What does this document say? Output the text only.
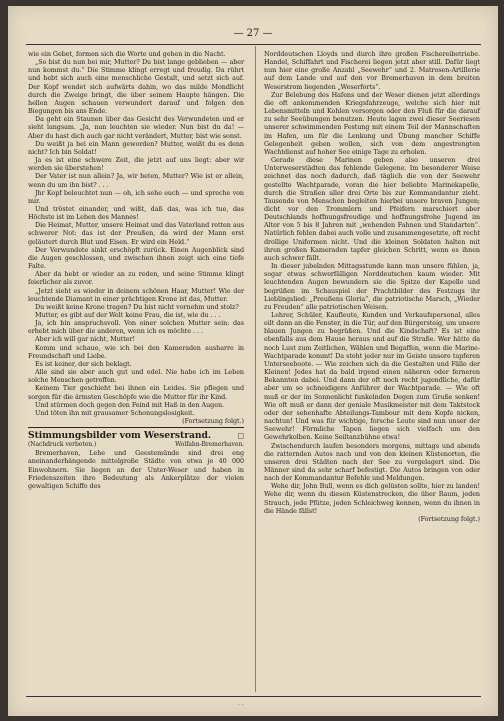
— 27 —

wie ein Gebet, formen sich die Worte und gehen in die Nacht.

„So bist du nun bei mir, Mutter? Du bist lange geblieben — aber nun kommst du.“ Die Stimme klingt erregt und freudig. Da rührt und hebt sich auch eine menschliche Gestalt, und setzt sich auf. Der Kopf wendet sich aufwärts dahin, wo das milde Mondlicht durch die Zweige bringt, die über seinem Haupte hängen. Die hellen Augen schauen verwundert darauf und folgen den Biegungen bis ans Ende.

Da geht ein Staunen über das Gesicht des Verwundeten und er sieht langsam. „Ja, nun leuchten sie wieder. Nun bist du da! — Aber du hast dich auch gar nicht verändert, Mutter, bist wie sonst.

Du weißt ja bei ein Mann geworden? Mutter, weißt du es denn nicht? Ich bin Soldat!

Ja es ist eine schwere Zeit, die jetzt auf uns liegt: aber wir werden sie überstehen!

Der Vater ist nun allein? Ja, wir beten, Mutter? Wie ist er allein, wenn du um ihn bist? . . .

Jhr Kopf beleuchtet nun — oh, ich sehe euch — und spreche von mir.

Und tröstet einander, und wißt, daß das, was ich tue, das Höchste ist im Leben des Mannes!

Die Heimat, Mutter, unsere Heimat und das Vaterland retten aus schwerer Not: das ist der Preußen, da wird der Mann erst geläutert durch Blut und Eisen. Er wird ein Held.“

Der Verwundete sinkt erschöpft zurück. Einen Augenblick sind die Augen geschlossen, und zwischen ihnen zeigt sich eine tiefe Falte.

Aber da hebt er wieder an zu reden, und seine Stimme klingt feierlicher als zuvor.

„Jetzt sieht es wieder in deinem schönen Haar, Mutter! Wie der leuchtende Diamant in einer prächtigen Krone ist das, Mutter.

Du weißt keine Krone tragen? Du bist nicht vornehm und stolz?

Mutter, es gibt auf der Welt keine Frau, die ist, wie du . . .

Ja, ich bin anspruchsvoll. Von einer solchen Mutter sein: das erhebt mich über die anderen, wenn ich es möchte . . .

Aber ich will gar nicht, Mutter!

Komm und schaue, wie ich bei den Kameraden ausharre in Freundschaft und Liebe.

Es ist keiner, der sich beklagt.

Alle sind sie aber auch gut und edel. Nie habe ich im Leben solche Menschen getroffen.

Keinem Tier geschieht bei ihnen ein Leides. Sie pflegen und sorgen für die ärmsten Geschöpfe wie die Mutter für ihr Kind.

Und stürmen doch gegen den Feind mit Haß in den Augen.

Und töten ihn mit grausamer Schonungslosigkeit.

(Fortsetzung folgt.)

Stimmungsbilder vom Weserstrand.	□
(Nachdruck verboten.)	Wolfahn-Bremerhaven.

Bremerhaven, Lehe und Geestemünde sind drei eng aneinanderhängende mittelgroße Städte von etwa je 40 000 Einwohnern. Sie liegen an der Unter-Weser und haben in Friedenszeiten ihre Bedeutung als Ankerplätze der vielen gewaltigen Schiffe des

Norddeutschen Lloyds und durch ihre großen Fischereibetriebe. Handel, Schiffahrt und Fischerei liegen jetzt aber still. Dafür liegt nun hier eine große Anzahl „Seewehr“ und 2. Matrosen-Artillerie auf dem Lande und auf den vor Bremerhaven in dem breiten Weserstrom liegenden „Weserforts“.

Zur Belebung des Hafens und der Weser dienen jetzt allerdings die oft ankommenden Kriegsfahrzeuge, welche sich hier mit Lebensmitteln und Kohlen versorgen oder den Fluß für die darauf zu sehr Seeübungen benutzen. Heute lagen zwei dieser Seeriesen unserer schwimmenden Festung mit einem Teil der Mannschaften im Hafen, um für die Lenkung und Übung mancher Schiffe Gelegenheit geben wollen, sich von dem angestrengten Wachtdienst auf hoher See einige Tage zu erholen.

Gerade diese Marinen geben also unseren drei Unterweserstädten das fehlende Gelegene. Im besonderer Weise zeichnet das noch dadurch, daß täglich die von der Seewehr gestellte Wachtparade, voran die hier beliebte Marinekapelle, durch die Straßen aller drei Orte bis zur Kommandantur zieht. Tausende von Menschen begleiten hierbei unsere braven Jungen; dicht vor den Trommlern und Pfeifern marschiert aber Deutschlands hoffnungsfreudige und hoffnungsfrohe Jugend im Alter von 5 bis 8 Jahren mit „wehenden Fahnen und Standarten“. Natürlich fehlen dabei auch volle und zusammengesetzte, oft recht drollige Uniformen nicht. Und die kleinen Soldaten halten mit ihren großen Kameraden tapfer gleichen Schritt, wenn es ihnen auch schwer fällt.

In dieser jubelnden Mittagsstunde kann man unsere fühlen, ja, sogar etwas schwerfälligen Norddeutschen kaum wieder. Mit leuchtenden Augen bewundern sie die Spitze der Kapelle und begrüßen im Schauspiel der Prachtbilder des Festzugs ihr Lieblingslied: „Preußens Gloria“, die patriotische Marsch, „Wieder zu Freuden“ alle patriotischen Weisen.

Lehrer, Schüler, Kaufleute, Kunden und Verkaufspersonal, alles eilt dann an die Fenster, in die Tür, auf den Bürgersteig, um unsere blauen Jungen zu begrüßen. Und die Kindschaft? Es ist eine ebenfalls aus dem Hause heraus und auf die Straße. Wer hätte da noch Lust zum Zeitlichen, Wählen und Begaffen, wenn die Marine-Wachtparade kommt! Da steht jeder nur im Geiste unsere tapferen Unterseeboote. — Wie zeichen sich da die Gestalten und Fälle der Kleinen! Jedes hat da bald irgend einen näheren oder ferneren Bekannten dabei. Und dann der oft noch recht jugendliche, dafür aber um so schneidigere Anführer der Wachtparade. — Wie oft muß er der im Sonnenlicht funkelnden Degen zum Gruße senken! Wie oft muß er dann der geniale Musikmeister mit dem Taktstock oder der sehenhafte Abteilungs-Tambour mit dem Kopfe nicken, nachtun! Und was für wichtige, forsche Leute sind nun unser der Seewehr! Förmliche Tapen liegen sich vielfach um den Gewehrkolben. Keine Seiltanzbühne etwa!

Zwischendurch laufen besonders morgens, mittags und abends die ratternden Autos nach und von den kleinen Küstenorten, die unseren drei Städten nach der See zu vorgelagert sind. Die Männer sind da sehr scharf befestigt. Die Autos bringen von oder nach der Kommandantur Befehle und Meldungen.

Wehe dir, John Bull, wenn es dich gelüsten sollte, hier zu landen! Wehe dir, wenn du diesen Küstenstrecken, die über Raum, jeden Strauch, jede Pfütze, jeden Schleichweg kennen, wenn du ihnen in die Hände fällst!

(Fortsetzung folgt.)

. .
